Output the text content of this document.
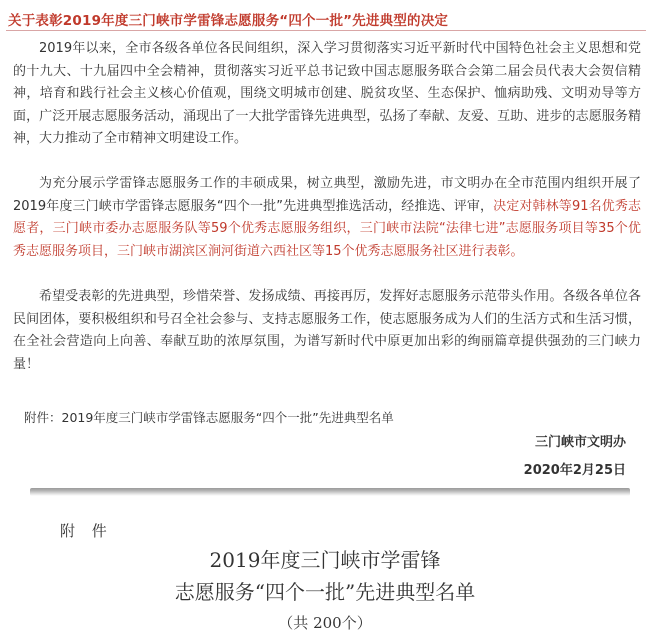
关于表彰2019年度三门峡市学雷锋志愿服务“四个一批”先进典型的决定

2019年以来，全市各级各单位各民间组织，深入学习贯彻落实习近平新时代中国特色社会主义思想和党的十九大、十九届四中全会精神，贯彻落实习近平总书记致中国志愿服务联合会第二届会员代表大会贺信精神，培育和践行社会主义核心价值观，围绕文明城市创建、脱贫攻坚、生态保护、恤病助残、文明劝导等方面，广泛开展志愿服务活动，涌现出了一大批学雷锋先进典型，弘扬了奉献、友爱、互助、进步的志愿服务精神，大力推动了全市精神文明建设工作。

为充分展示学雷锋志愿服务工作的丰硕成果，树立典型，激励先进，市文明办在全市范围内组织开展了2019年度三门峡市学雷锋志愿服务“四个一批”先进典型推选活动，经推选、评审，决定对韩林等91名优秀志愿者，三门峡市委办志愿服务队等59个优秀志愿服务组织，三门峡市法院“法律七进”志愿服务项目等35个优秀志愿服务项目，三门峡市湖滨区涧河街道六西社区等15个优秀志愿服务社区进行表彰。

希望受表彰的先进典型，珍惜荣誉、发扬成绩、再接再厉，发挥好志愿服务示范带头作用。各级各单位各民间团体，要积极组织和号召全社会参与、支持志愿服务工作，使志愿服务成为人们的生活方式和生活习惯，在全社会营造向上向善、奉献互助的浓厚氛围，为谱写新时代中原更加出彩的绚丽篇章提供强劲的三门峡力量！

附件：2019年度三门峡市学雷锋志愿服务“四个一批”先进典型名单
三门峡市文明办
2020年2月25日
附 件
2019年度三门峡市学雷锋
志愿服务“四个一批”先进典型名单
（共 200个）
